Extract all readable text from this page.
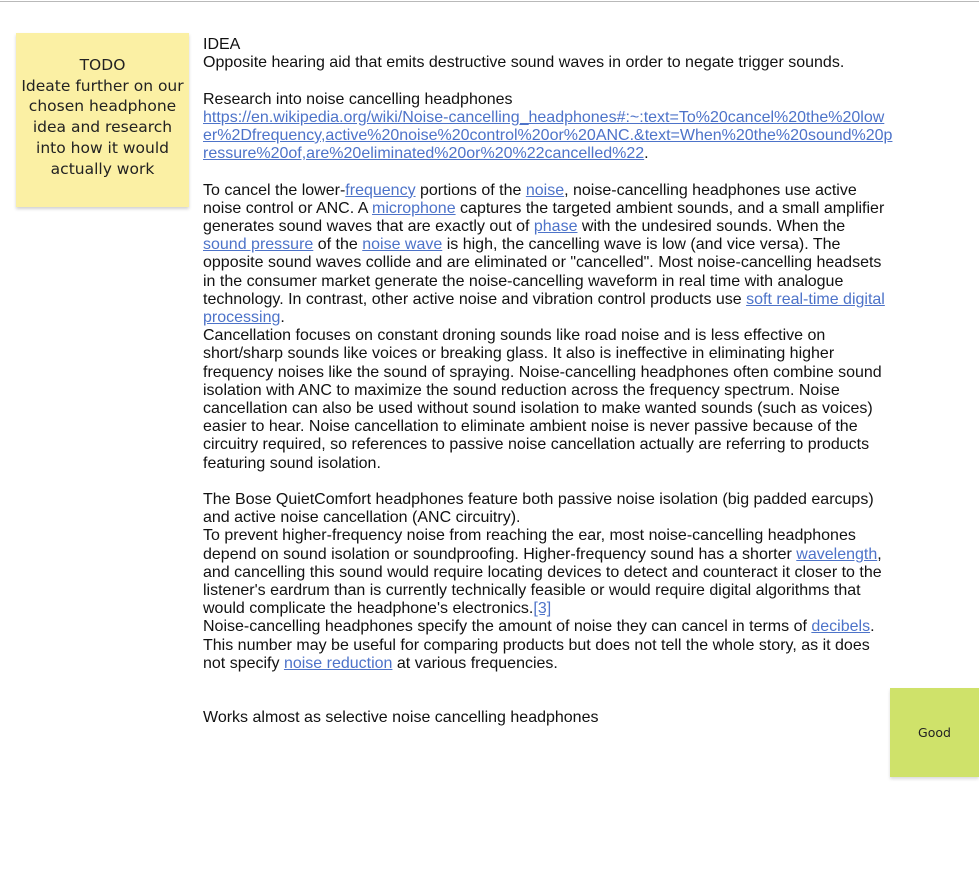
TODO
Ideate further on our chosen headphone idea and research into how it would actually work
Good

IDEA

Opposite hearing aid that emits destructive sound waves in order to negate trigger sounds.

Research into noise cancelling headphones

https://en.wikipedia.org/wiki/Noise-cancelling_headphones#:~:text=To%20cancel%20the%20lower%2Dfrequency,active%20noise%20control%20or%20ANC.&text=When%20the%20sound%20pressure%20of,are%20eliminated%20or%20%22cancelled%22.

To cancel the lower-frequency portions of the noise, noise-cancelling headphones use active noise control or ANC. A microphone captures the targeted ambient sounds, and a small amplifier generates sound waves that are exactly out of phase with the undesired sounds. When the sound pressure of the noise wave is high, the cancelling wave is low (and vice versa). The opposite sound waves collide and are eliminated or "cancelled". Most noise-cancelling headsets in the consumer market generate the noise-cancelling waveform in real time with analogue technology. In contrast, other active noise and vibration control products use soft real-time digital processing.

Cancellation focuses on constant droning sounds like road noise and is less effective on short/sharp sounds like voices or breaking glass. It also is ineffective in eliminating higher frequency noises like the sound of spraying. Noise-cancelling headphones often combine sound isolation with ANC to maximize the sound reduction across the frequency spectrum. Noise cancellation can also be used without sound isolation to make wanted sounds (such as voices) easier to hear. Noise cancellation to eliminate ambient noise is never passive because of the circuitry required, so references to passive noise cancellation actually are referring to products featuring sound isolation.

The Bose QuietComfort headphones feature both passive noise isolation (big padded earcups) and active noise cancellation (ANC circuitry).

To prevent higher-frequency noise from reaching the ear, most noise-cancelling headphones depend on sound isolation or soundproofing. Higher-frequency sound has a shorter wavelength, and cancelling this sound would require locating devices to detect and counteract it closer to the listener's eardrum than is currently technically feasible or would require digital algorithms that would complicate the headphone's electronics.[3]

Noise-cancelling headphones specify the amount of noise they can cancel in terms of decibels. This number may be useful for comparing products but does not tell the whole story, as it does not specify noise reduction at various frequencies.

Works almost as selective noise cancelling headphones
